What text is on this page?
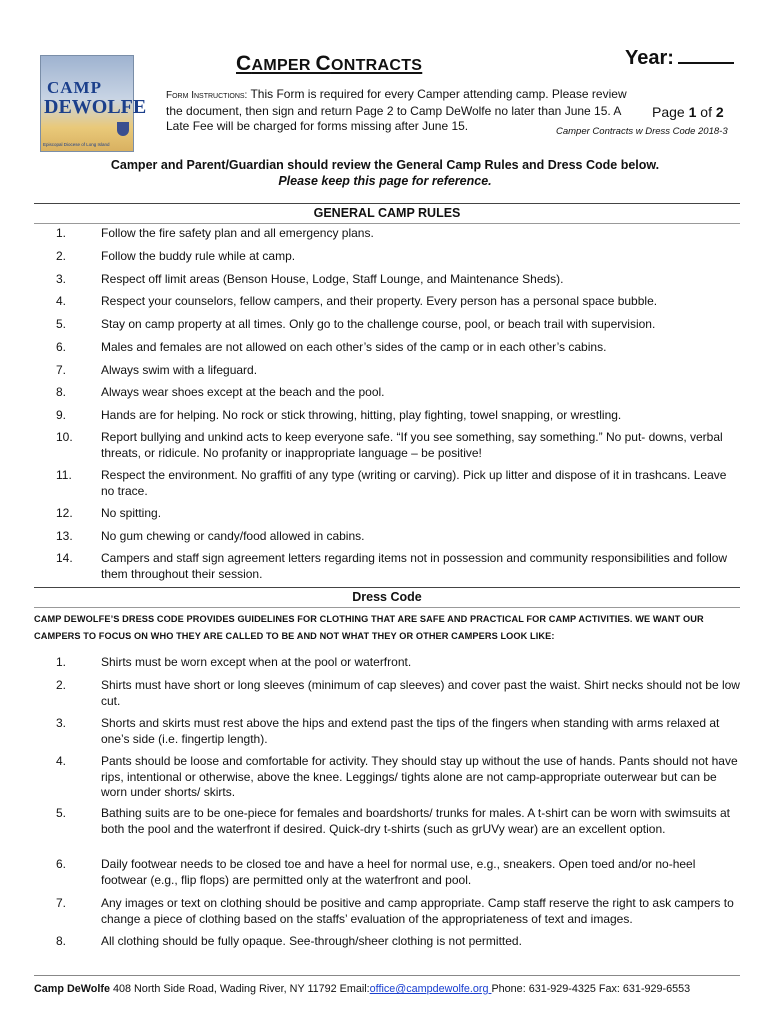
CAMP
DEWOLFE
Episcopal Diocese of Long Island
CAMPER CONTRACTS	Year:
Form Instructions: This Form is required for every Camper attending camp. Please review the document, then sign and return Page 2 to Camp DeWolfe no later than June 15. A Late Fee will be charged for forms missing after June 15.
Page 1 of 2
Camper Contracts w Dress Code 2018-3
Camper and Parent/Guardian should review the General Camp Rules and Dress Code below.
Please keep this page for reference.
GENERAL CAMP RULES
1.	Follow the fire safety plan and all emergency plans.
2.	Follow the buddy rule while at camp.
3.	Respect off limit areas (Benson House, Lodge, Staff Lounge, and Maintenance Sheds).
4.	Respect your counselors, fellow campers, and their property. Every person has a personal space bubble.
5.	Stay on camp property at all times. Only go to the challenge course, pool, or beach trail with supervision.
6.	Males and females are not allowed on each other’s sides of the camp or in each other’s cabins.
7.	Always swim with a lifeguard.
8.	Always wear shoes except at the beach and the pool.
9.	Hands are for helping. No rock or stick throwing, hitting, play fighting, towel snapping, or wrestling.
10. Report bullying and unkind acts to keep everyone safe. “If you see something, say something.” No put- downs, verbal threats, or ridicule. No profanity or inappropriate language – be positive!
11. Respect the environment. No graffiti of any type (writing or carving). Pick up litter and dispose of it in trashcans. Leave no trace.
12. No spitting.
13. No gum chewing or candy/food allowed in cabins.
14. Campers and staff sign agreement letters regarding items not in possession and community responsibilities and follow them throughout their session.
Dress Code
CAMP DEWOLFE’S DRESS CODE PROVIDES GUIDELINES FOR CLOTHING THAT ARE SAFE AND PRACTICAL FOR CAMP ACTIVITIES. WE WANT OUR CAMPERS TO FOCUS ON WHO THEY ARE CALLED TO BE AND NOT WHAT THEY OR OTHER CAMPERS LOOK LIKE:
1.	Shirts must be worn except when at the pool or waterfront.
2.	Shirts must have short or long sleeves (minimum of cap sleeves) and cover past the waist. Shirt necks should not be low cut.
3.	Shorts and skirts must rest above the hips and extend past the tips of the fingers when standing with arms relaxed at one’s side (i.e. fingertip length).
4.	Pants should be loose and comfortable for activity. They should stay up without the use of hands. Pants should not have rips, intentional or otherwise, above the knee. Leggings/ tights alone are not camp-appropriate outerwear but can be worn under shorts/ skirts.
5.	Bathing suits are to be one-piece for females and boardshorts/ trunks for males. A t-shirt can be worn with swimsuits at both the pool and the waterfront if desired. Quick-dry t-shirts (such as grUVy wear) are an excellent option.
6.	Daily footwear needs to be closed toe and have a heel for normal use, e.g., sneakers. Open toed and/or no-heel footwear (e.g., flip flops) are permitted only at the waterfront and pool.
7.	Any images or text on clothing should be positive and camp appropriate. Camp staff reserve the right to ask campers to change a piece of clothing based on the staffs’ evaluation of the appropriateness of text and images.
8.	All clothing should be fully opaque. See-through/sheer clothing is not permitted.
Camp DeWolfe 408 North Side Road, Wading River, NY 11792 Email:office@campdewolfe.org Phone: 631-929-4325 Fax: 631-929-6553
